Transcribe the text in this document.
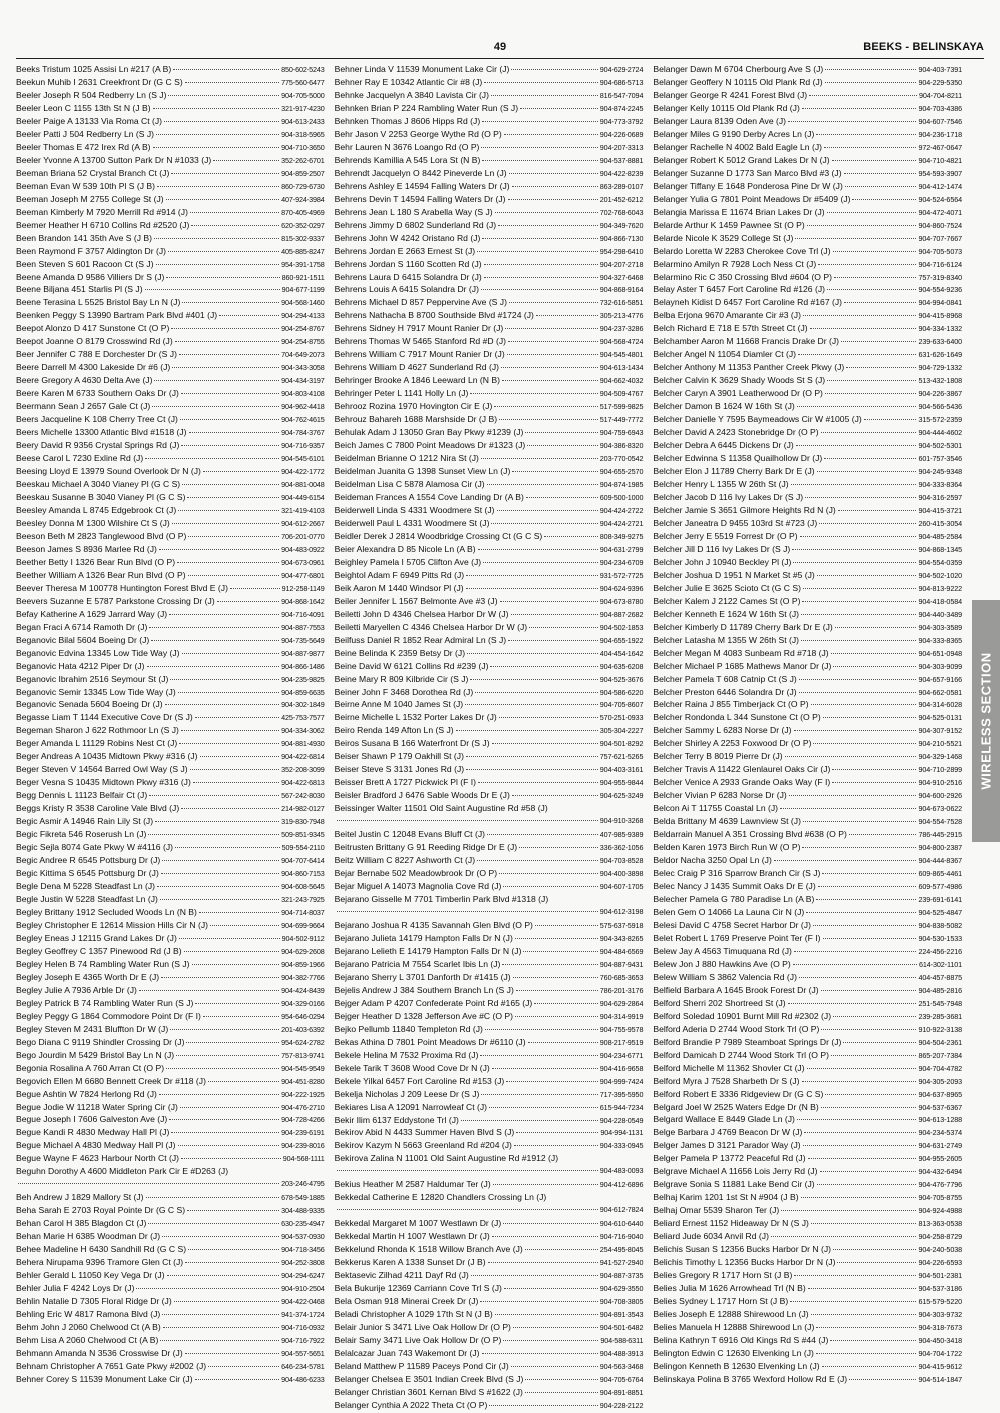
49	BEEKS - BELINSKAYA
Beeks Tristum 1025 Assisi Ln #217 (A B)	850-602-5243
Beekun Muhib I 2631 Creekfront Dr (G C S)	775-560-6477
Beeler Joseph R 504 Redberry Ln (S J)	904-705-5000
Beeler Leon C 1155 13th St N (J B)	321-917-4230
Beeler Paige A 13133 Via Roma Ct (J)	904-613-2433
Beeler Patti J 504 Redberry Ln (S J)	904-318-5965
Beeler Thomas E 472 Irex Rd (A B)	904-710-3650
Beeler Yvonne A 13700 Sutton Park Dr N #1033 (J)	352-262-6701
Beeman Briana 52 Crystal Branch Ct (J)	904-859-2507
Beeman Evan W 539 10th Pl S (J B)	860-729-6730
Beeman Joseph M 2755 College St (J)	407-924-3984
Beeman Kimberly M 7920 Merrill Rd #914 (J)	870-405-4969
Beemer Heather H 6710 Collins Rd #2520 (J)	620-352-0297
Been Brandon 141 35th Ave S (J B)	815-302-9337
Been Raymond F 3757 Aldington Dr (J)	405-885-8247
Been Steven S 601 Racoon Ct (S J)	954-391-1758
Beene Amanda D 9586 Villiers Dr S (J)	860-921-1511
Beene Biljana 451 Starlis Pl (S J)	904-677-1199
Beene Terasina L 5525 Bristol Bay Ln N (J)	904-568-1460
Beenken Peggy S 13990 Bartram Park Blvd #401 (J)	904-294-4133
Beepot Alonzo D 417 Sunstone Ct (O P)	904-254-8767
Beepot Joanne O 8179 Crosswind Rd (J)	904-254-8755
Beer Jennifer C 788 E Dorchester Dr (S J)	704-649-2073
Beere Darrell M 4300 Lakeside Dr #6 (J)	904-343-3058
Beere Gregory A 4630 Delta Ave (J)	904-434-3197
Beere Karen M 6733 Southern Oaks Dr (J)	904-803-4108
Beermann Sean J 2657 Gale Ct (J)	904-962-4418
Beers Jacqueline K 108 Cherry Tree Ct (J)	904-762-4615
Beers Michelle 13300 Atlantic Blvd #1518 (J)	904-784-3767
Beery David R 9356 Crystal Springs Rd (J)	904-716-9357
Beese Carol L 7230 Exline Rd (J)	904-545-6101
Beesing Lloyd E 13979 Sound Overlook Dr N (J)	904-422-1772
Beeskau Michael A 3040 Vianey Pl (G C S)	904-881-0048
Beeskau Susanne B 3040 Vianey Pl (G C S)	904-449-6154
Beesley Amanda L 8745 Edgebrook Ct (J)	321-419-4103
Beesley Donna M 1300 Wilshire Ct S (J)	904-612-2667
Beeson Beth M 2823 Tanglewood Blvd (O P)	706-201-0770
Beeson James S 8936 Marlee Rd (J)	904-483-0922
Beether Betty I 1326 Bear Run Blvd (O P)	904-673-0961
Beether William A 1326 Bear Run Blvd (O P)	904-477-6801
Beever Theresa M 100778 Huntington Forest Blvd E (J)	912-258-1149
Beevers Suzanne E 5787 Parkstone Crossing Dr (J)	904-868-1642
Befay Katherine A 1629 Jarrard Way (J)	904-716-4091
Began Fraci A 6714 Ramoth Dr (J)	904-887-7553
Beganovic Bilal 5604 Boeing Dr (J)	904-735-5649
Beganovic Edvina 13345 Low Tide Way (J)	904-887-9877
Beganovic Hata 4212 Piper Dr (J)	904-866-1486
Beganovic Ibrahim 2516 Seymour St (J)	904-235-9825
Beganovic Semir 13345 Low Tide Way (J)	904-859-6635
Beganovic Senada 5604 Boeing Dr (J)	904-302-1849
Begasse Liam T 1144 Executive Cove Dr (S J)	425-753-7577
Begeman Sharon J 622 Rothmoor Ln (S J)	904-334-3062
Beger Amanda L 11129 Robins Nest Ct (J)	904-881-4930
Beger Andreas A 10435 Midtown Pkwy #316 (J)	904-422-6814
Beger Steven V 14564 Barred Owl Way (S J)	352-208-3099
Beger Vesna S 10435 Midtown Pkwy #316 (J)	904-422-6813
Begg Dennis L 11123 Belfair Ct (J)	567-242-8030
Beggs Kristy R 3538 Caroline Vale Blvd (J)	214-982-0127
Begic Asmir A 14946 Rain Lily St (J)	319-830-7948
Begic Fikreta 546 Roserush Ln (J)	509-851-9345
Begic Sejla 8074 Gate Pkwy W #4116 (J)	509-554-2110
Begic Andree R 6545 Pottsburg Dr (J)	904-707-6414
Begic Kittima S 6545 Pottsburg Dr (J)	904-860-7153
Begle Dena M 5228 Steadfast Ln (J)	904-608-5645
Begle Justin W 5228 Steadfast Ln (J)	321-243-7925
Begley Brittany 1912 Secluded Woods Ln (N B)	904-714-8037
Begley Christopher E 12614 Mission Hills Cir N (J)	904-699-9664
Begley Eneas J 12115 Grand Lakes Dr (J)	904-502-9112
Begley Geoffrey C 1357 Pinewood Rd (J B)	904-629-2608
Begley Helen B 74 Rambling Water Run (S J)	904-859-1966
Begley Joseph E 4365 Worth Dr E (J)	904-382-7766
Begley Julie A 7936 Arble Dr (J)	904-424-8439
Begley Patrick B 74 Rambling Water Run (S J)	904-329-0166
Begley Peggy G 1864 Commodore Point Dr (F I)	954-646-0294
Begley Steven M 2431 Bluffton Dr W (J)	201-403-6392
Bego Diana C 9119 Shindler Crossing Dr (J)	954-624-2782
Bego Jourdin M 5429 Bristol Bay Ln N (J)	757-813-9741
Begonia Rosalina A 760 Arran Ct (O P)	904-545-9549
Begovich Ellen M 6680 Bennett Creek Dr #118 (J)	904-451-8280
Begue Ashtin W 7824 Herlong Rd (J)	904-222-1925
Begue Jodie W 11218 Water Spring Cir (J)	904-476-2710
Begue Joseph I 7606 Galveston Ave (J)	904-728-4266
Begue Kandi R 4830 Medway Hall Pl (J)	904-239-6191
Begue Michael A 4830 Medway Hall Pl (J)	904-239-8016
Begue Wayne F 4623 Harbour North Ct (J)	904-568-1111
Beguhn Dorothy A 4600 Middleton Park Cir E #D263 (J)
203-246-4795
Beh Andrew J 1829 Mallory St (J)	678-549-1885
Beha Sarah E 2703 Royal Pointe Dr (G C S)	304-488-9335
Behan Carol H 385 Blagdon Ct (J)	630-235-4947
Behan Marie H 6385 Woodman Dr (J)	904-537-0930
Behee Madeline H 6430 Sandhill Rd (G C S)	904-718-3456
Behera Nirupama 9396 Tramore Glen Ct (J)	904-252-3808
Behler Gerald L 11050 Key Vega Dr (J)	904-294-6247
Behler Julia F 4242 Loys Dr (J)	904-910-2504
Behlin Natalie D 7305 Floral Ridge Dr (J)	904-422-0468
Behling Eric W 4817 Ramona Blvd (J)	941-374-1724
Behm John J 2060 Chelwood Ct (A B)	904-716-0932
Behm Lisa A 2060 Chelwood Ct (A B)	904-716-7922
Behmann Amanda N 3536 Crosswise Dr (J)	904-557-5651
Behnam Christopher A 7651 Gate Pkwy #2002 (J)	646-234-5781
Behner Corey S 11539 Monument Lake Cir (J)	904-486-6233
Behner Linda V 11539 Monument Lake Cir (J)	904-629-2724
Behner Ray E 10342 Atlantic Cir #8 (J)	904-686-5713
Behnke Jacquelyn A 3840 Lavista Cir (J)	816-547-7094
Behnken Brian P 224 Rambling Water Run (S J)	904-874-2245
Behnken Thomas J 8606 Hipps Rd (J)	904-773-3792
Behr Jason V 2253 George Wythe Rd (O P)	904-226-0689
Behr Lauren N 3676 Loango Rd (O P)	904-207-3313
Behrends Kamillia A 545 Lora St (N B)	904-537-8881
Behrendt Jacquelyn O 8442 Pineverde Ln (J)	904-422-8239
Behrens Ashley E 14594 Falling Waters Dr (J)	863-289-0107
Behrens Devin T 14594 Falling Waters Dr (J)	201-452-6212
Behrens Jean L 180 S Arabella Way (S J)	702-768-6043
Behrens Jimmy D 6802 Sunderland Rd (J)	904-349-7620
Behrens John W 4242 Oristano Rd (J)	904-866-7130
Behrens Jordan E 2663 Ernest St (J)	954-298-6410
Behrens Jordan S 1160 Scotten Rd (J)	904-207-2718
Behrens Laura D 6415 Solandra Dr (J)	904-327-6468
Behrens Louis A 6415 Solandra Dr (J)	904-868-9164
Behrens Michael D 857 Peppervine Ave (S J)	732-616-5851
Behrens Nathacha B 8700 Southside Blvd #1724 (J)	305-213-4776
Behrens Sidney H 7917 Mount Ranier Dr (J)	904-237-3286
Behrens Thomas W 5465 Stanford Rd #D (J)	904-568-4724
Behrens William C 7917 Mount Ranier Dr (J)	904-545-4801
Behrens William D 4627 Sunderland Rd (J)	904-613-1434
Behringer Brooke A 1846 Leeward Ln (N B)	904-662-4032
Behringer Peter L 1141 Holly Ln (J)	904-509-4767
Behrooz Rozina 1970 Hovington Cir E (J)	517-599-9825
Behrouz Bahareh 1688 Marshside Dr (J B)	517-449-7772
Behulak Adam J 13050 Gran Bay Pkwy #1239 (J)	904-759-6943
Beich James C 7800 Point Meadows Dr #1323 (J)	904-386-8320
Beidelman Brianne O 1212 Nira St (J)	203-770-0542
Beidelman Juanita G 1398 Sunset View Ln (J)	904-655-2570
Beidelman Lisa C 5878 Alamosa Cir (J)	904-874-1985
Beideman Frances A 1554 Cove Landing Dr (A B)	609-500-1000
Beiderwell Linda S 4331 Woodmere St (J)	904-424-2722
Beiderwell Paul L 4331 Woodmere St (J)	904-424-2721
Beidler Derek J 2814 Woodbridge Crossing Ct (G C S)	808-349-9275
Beier Alexandra D 85 Nicole Ln (A B)	904-631-2799
Beighley Pamela I 5705 Clifton Ave (J)	904-234-6709
Beightol Adam F 6949 Pitts Rd (J)	931-572-7725
Beik Aaron M 1440 Windsor Pl (J)	904-624-9396
Beiler Jennifer L 1567 Belmonte Ave #3 (J)	904-673-8780
Beiletti John D 4346 Chelsea Harbor Dr W (J)	904-887-2682
Beiletti Maryellen C 4346 Chelsea Harbor Dr W (J)	904-502-1853
Beilfuss Daniel R 1852 Rear Admiral Ln (S J)	904-655-1922
Beine Belinda K 2359 Betsy Dr (J)	404-454-1642
Beine David W 6121 Collins Rd #239 (J)	904-635-6208
Beine Mary R 809 Kilbride Cir (S J)	904-525-3676
Beiner John F 3468 Dorothea Rd (J)	904-586-6220
Beirne Anne M 1040 James St (J)	904-705-8607
Beirne Michelle L 1532 Porter Lakes Dr (J)	570-251-0933
Beiro Renda 149 Afton Ln (S J)	305-304-2227
Beiros Susana B 166 Waterfront Dr (S J)	904-501-8292
Beiser Shawn P 179 Oakhill St (J)	757-621-5265
Beiser Steve S 3131 Jones Rd (J)	904-403-3161
Beisser Brett A 1727 Pickwick Pl (F I)	904-955-9844
Beisler Bradford J 6476 Sable Woods Dr E (J)	904-625-3249
Beissinger Walter 11501 Old Saint Augustine Rd #58 (J)
904-910-3268
Beitel Justin C 12048 Evans Bluff Ct (J)	407-985-9389
Beitrusten Brittany G 91 Reeding Ridge Dr E (J)	336-362-1056
Beitz William C 8227 Ashworth Ct (J)	904-703-8528
Bejar Bernabe 502 Meadowbrook Dr (O P)	904-400-3898
Bejar Miguel A 14073 Magnolia Cove Rd (J)	904-607-1705
Bejarano Gisselle M 7701 Timberlin Park Blvd #1318 (J)
904-612-3198
Bejarano Joshua R 4135 Savannah Glen Blvd (O P)	575-637-5918
Bejarano Julieta 14179 Hampton Falls Dr N (J)	904-343-8265
Bejarano Lelieth E 14179 Hampton Falls Dr N (J)	904-484-6569
Bejarano Patricia M 7554 Scarlet Ibis Ln (J)	904-887-9431
Bejarano Sherry L 3701 Danforth Dr #1415 (J)	760-685-3653
Bejelis Andrew J 384 Southern Branch Ln (S J)	786-201-3176
Bejger Adam P 4207 Confederate Point Rd #165 (J)	904-629-2864
Bejger Heather D 1328 Jefferson Ave #C (O P)	904-314-9919
Bejko Pellumb 11840 Templeton Rd (J)	904-755-9578
Bekas Athina D 7801 Point Meadows Dr #6110 (J)	908-217-9519
Bekele Helina M 7532 Proxima Rd (J)	904-234-6771
Bekele Tarik T 3608 Wood Cove Dr N (J)	904-416-9658
Bekele Yilkal 6457 Fort Caroline Rd #153 (J)	904-999-7424
Bekelja Nicholas J 209 Leese Dr (S J)	717-395-5950
Bekiares Lisa A 12091 Narrowleaf Ct (J)	615-944-7234
Bekir Ilim 6137 Eddystone Trl (J)	904-228-0549
Bekirov Abid N 4433 Summer Haven Blvd S (J)	904-994-1131
Bekirov Kazym N 5663 Greenland Rd #204 (J)	904-333-0945
Bekirova Zalina N 11001 Old Saint Augustine Rd #1912 (J)
904-483-0093
Bekius Heather M 2587 Haldumar Ter (J)	904-412-6896
Bekkedal Catherine E 12820 Chandlers Crossing Ln (J)
904-612-7824
Bekkedal Margaret M 1007 Westlawn Dr (J)	904-610-6440
Bekkedal Martin H 1007 Westlawn Dr (J)	904-716-9040
Bekkelund Rhonda K 1518 Willow Branch Ave (J)	254-495-8045
Bekkerus Karen A 1338 Sunset Dr (J B)	941-527-2940
Bektasevic Zilhad 4211 Dayf Rd (J)	904-887-3735
Bela Bukurije 12369 Carriann Cove Trl S (J)	904-629-3550
Bela Osman 918 Minerai Creek Dr (J)	904-708-3805
Beladi Christopher A 1029 17th St N (J B)	904-891-3543
Belair Junior S 3471 Live Oak Hollow Dr (O P)	904-501-6482
Belair Samy 3471 Live Oak Hollow Dr (O P)	904-588-6311
Belalcazar Juan 743 Wakemont Dr (J)	904-488-3913
Beland Matthew P 11589 Paceys Pond Cir (J)	904-563-3468
Belanger Chelsea E 3501 Indian Creek Blvd (S J)	904-705-6764
Belanger Christian 3601 Kernan Blvd S #1622 (J)	904-891-8851
Belanger Cynthia A 2022 Theta Ct (O P)	904-228-2122
Belanger Dawn M 6704 Cherbourg Ave S (J)	904-403-7391
Belanger Geoffery N 10115 Old Plank Rd (J)	904-229-5350
Belanger George R 4241 Forest Blvd (J)	904-704-8211
Belanger Kelly 10115 Old Plank Rd (J)	904-703-4386
Belanger Laura 8139 Oden Ave (J)	904-607-7546
Belanger Miles G 9190 Derby Acres Ln (J)	904-236-1718
Belanger Rachelle N 4002 Bald Eagle Ln (J)	972-467-0647
Belanger Robert K 5012 Grand Lakes Dr N (J)	904-710-4821
Belanger Suzanne D 1773 San Marco Blvd #3 (J)	954-593-3907
Belanger Tiffany E 1648 Ponderosa Pine Dr W (J)	904-412-1474
Belanger Yulia G 7801 Point Meadows Dr #5409 (J)	904-524-6564
Belangia Marissa E 11674 Brian Lakes Dr (J)	904-472-4071
Belarde Arthur K 1459 Pawnee St (O P)	904-860-7524
Belarde Nicole K 3529 College St (J)	904-707-7667
Belardo Loretta W 2283 Cherokee Cove Trl (J)	904-705-5073
Belarmino Amilyn R 7928 Loch Ness Ct (J)	904-716-6124
Belarmino Ric C 350 Crossing Blvd #604 (O P)	757-319-8340
Belay Aster T 6457 Fort Caroline Rd #126 (J)	904-554-9236
Belayneh Kidist D 6457 Fort Caroline Rd #167 (J)	904-994-0841
Belba Erjona 9670 Amarante Cir #3 (J)	904-415-8968
Belch Richard E 718 E 57th Street Ct (J)	904-334-1332
Belchamber Aaron M 11668 Francis Drake Dr (J)	239-633-6400
Belcher Angel N 11054 Diamler Ct (J)	631-626-1649
Belcher Anthony M 11353 Panther Creek Pkwy (J)	904-729-1332
Belcher Calvin K 3629 Shady Woods St S (J)	513-432-1808
Belcher Caryn A 3901 Leatherwood Dr (O P)	904-226-3867
Belcher Damon B 1624 W 16th St (J)	904-566-5436
Belcher Danielle Y 7595 Baymeadows Cir W #1005 (J)	315-572-2359
Belcher David A 2423 Stonebridge Dr (O P)	904-444-4602
Belcher Debra A 6445 Dickens Dr (J)	904-502-5301
Belcher Edwinna S 11358 Quailhollow Dr (J)	601-757-3546
Belcher Elon J 11789 Cherry Bark Dr E (J)	904-245-9348
Belcher Henry L 1355 W 26th St (J)	904-333-8364
Belcher Jacob D 116 Ivy Lakes Dr (S J)	904-316-2597
Belcher Jamie S 3651 Gilmore Heights Rd N (J)	904-415-3721
Belcher Janeatra D 9455 103rd St #723 (J)	260-415-3054
Belcher Jerry E 5519 Forrest Dr (O P)	904-485-2584
Belcher Jill D 116 Ivy Lakes Dr (S J)	904-868-1345
Belcher John J 10940 Beckley Pl (J)	904-554-0359
Belcher Joshua D 1951 N Market St #5 (J)	904-502-1020
Belcher Julie E 3625 Scioto Ct (G C S)	904-813-9222
Belcher Kalem J 2122 Cames St (O P)	904-418-0584
Belcher Kenneth E 1624 W 16th St (J)	904-440-3489
Belcher Kimberly D 11789 Cherry Bark Dr E (J)	904-303-3589
Belcher Latasha M 1355 W 26th St (J)	904-333-8365
Belcher Megan M 4083 Sunbeam Rd #718 (J)	904-651-0948
Belcher Michael P 1685 Mathews Manor Dr (J)	904-303-9099
Belcher Pamela T 608 Catnip Ct (S J)	904-657-9166
Belcher Preston 6446 Solandra Dr (J)	904-662-0581
Belcher Raina J 855 Timberjack Ct (O P)	904-314-6028
Belcher Rondonda L 344 Sunstone Ct (O P)	904-525-0131
Belcher Sammy L 6283 Norse Dr (J)	904-307-9152
Belcher Shirley A 2253 Foxwood Dr (O P)	904-210-5521
Belcher Terry B 8019 Pierre Dr (J)	904-329-1468
Belcher Travis A 11422 Glenlaurel Oaks Cir (J)	904-710-2899
Belcher Venice A 2933 Grande Oaks Way (F I)	904-910-2516
Belcher Vivian P 6283 Norse Dr (J)	904-600-2926
Belcon Ai T 11755 Coastal Ln (J)	904-673-0622
Belda Brittany M 4639 Lawnview St (J)	904-554-7528
Beldarrain Manuel A 351 Crossing Blvd #638 (O P)	786-445-2915
Belden Karen 1973 Birch Run W (O P)	904-800-2387
Beldor Nacha 3250 Opal Ln (J)	904-444-8367
Belec Craig P 316 Sparrow Branch Cir (S J)	609-865-4461
Belec Nancy J 1435 Summit Oaks Dr E (J)	609-577-4986
Belecher Pamela G 780 Paradise Ln (A B)	239-691-6141
Belen Gem O 14066 La Launa Cir N (J)	904-525-4847
Belesi David C 4758 Secret Harbor Dr (J)	904-838-5082
Belet Robert L 1769 Preserve Point Ter (F I)	904-530-1533
Belew Jay A 4563 Timuquana Rd (J)	224-456-2216
Belew Jon J 880 Hawkins Ave (O P)	614-302-1101
Belew William S 3862 Valencia Rd (J)	404-457-8875
Belfield Barbara A 1645 Brook Forest Dr (J)	904-485-2816
Belford Sherri 202 Shortreed St (J)	251-545-7948
Belford Soledad 10901 Burnt Mill Rd #2302 (J)	239-285-3681
Belford Aderia D 2744 Wood Stork Trl (O P)	910-922-3138
Belford Brandie P 7989 Steamboat Springs Dr (J)	904-504-2361
Belford Damicah D 2744 Wood Stork Trl (O P)	865-207-7384
Belford Michelle M 11362 Shovler Ct (J)	904-704-4782
Belford Myra J 7528 Sharbeth Dr S (J)	904-305-2093
Belford Robert E 3336 Ridgeview Dr (G C S)	904-637-8965
Belgard Joel W 2525 Waters Edge Dr (N B)	904-537-6367
Belgard Wallace E 8449 Glade Ln (J)	904-613-1288
Belge Barbara J 4769 Beacon Dr W (J)	904-234-5374
Belger James D 3121 Parador Way (J)	904-631-2749
Belger Pamela P 13772 Peaceful Rd (J)	904-955-2605
Belgrave Michael A 11656 Lois Jerry Rd (J)	904-432-6494
Belgrave Sonia S 11881 Lake Bend Cir (J)	904-476-7796
Belhaj Karim 1201 1st St N #904 (J B)	904-705-8755
Belhaj Omar 5539 Sharon Ter (J)	904-924-4988
Beliard Ernest 1152 Hideaway Dr N (S J)	813-363-0538
Beliard Jude 6034 Anvil Rd (J)	904-258-8729
Belichis Susan S 12356 Bucks Harbor Dr N (J)	904-240-5038
Belichis Timothy L 12356 Bucks Harbor Dr N (J)	904-226-6593
Belies Gregory R 1717 Horn St (J B)	904-501-2381
Belies Julia M 1626 Arrowhead Trl (N B)	904-537-3186
Belies Sydney L 1717 Horn St (J B)	615-579-5220
Belies Joseph E 12888 Shirewood Ln (J)	904-303-9732
Belies Manuela H 12888 Shirewood Ln (J)	904-318-7673
Belina Kathryn T 6916 Old Kings Rd S #44 (J)	904-450-3418
Belington Edwin C 12630 Elvenking Ln (J)	904-704-1722
Belingon Kenneth B 12630 Elvenking Ln (J)	904-415-9612
Belinskaya Polina B 3765 Wexford Hollow Rd E (J)	904-514-1847
WIRELESS SECTION
